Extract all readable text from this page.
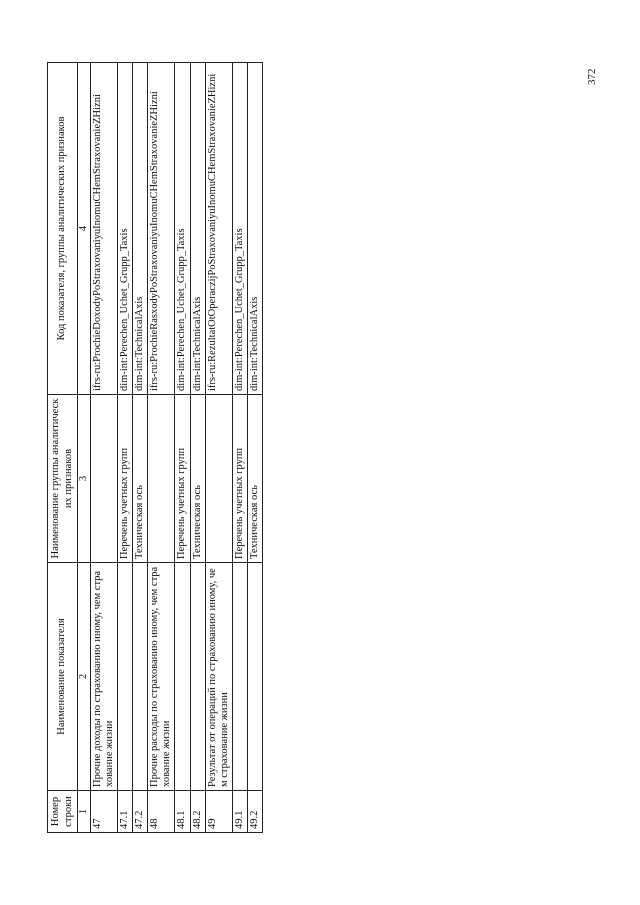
372
Номер строки	Наименование показателя	Наименование группы аналитических признаков	Код показателя, группы аналитических признаков
1	2	3	4
47	Прочие доходы по страхованию иному, чем страхование жизни		ifrs-ru:ProchieDoxodyPoStraxovaniyuInomuCHemStraxovanieZHizni
47.1		Перечень учетных групп	dim-int:Perechen_Uchet_Grupp_Taxis
47.2		Техническая ось	dim-int:TechnicalAxis
48	Прочие расходы по страхованию иному, чем страхование жизни		ifrs-ru:ProchieRasxodyPoStraxovaniyuInomuCHemStraxovanieZHizni
48.1		Перечень учетных групп	dim-int:Perechen_Uchet_Grupp_Taxis
48.2		Техническая ось	dim-int:TechnicalAxis
49	Результат от операций по страхованию иному, чем страхование жизни		ifrs-ru:RezultatOtOperaczijPoStraxovaniyuInomuCHemStraxovanieZHizni
49.1		Перечень учетных групп	dim-int:Perechen_Uchet_Grupp_Taxis
49.2		Техническая ось	dim-int:TechnicalAxis
